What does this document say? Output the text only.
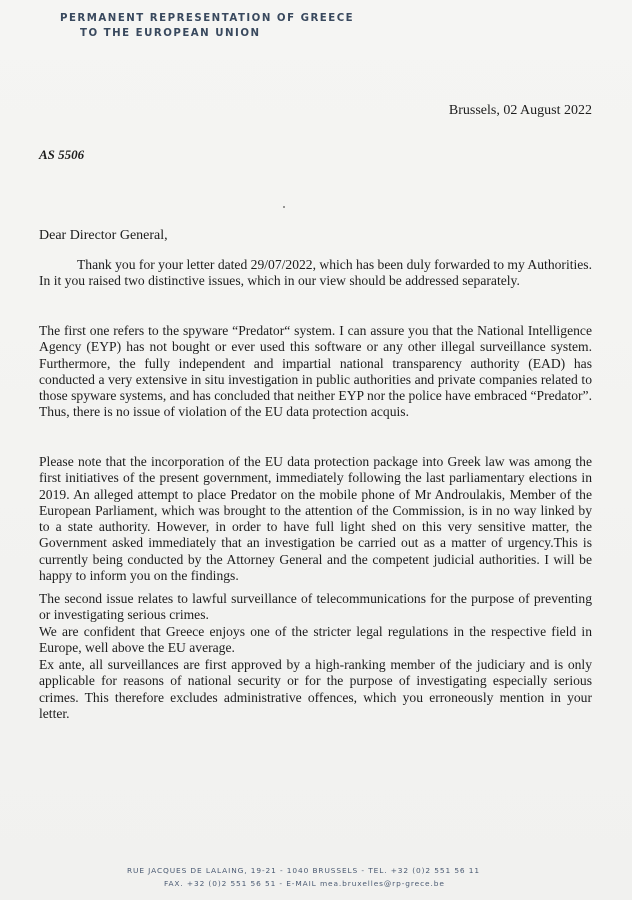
PERMANENT REPRESENTATION OF GREECE
TO THE EUROPEAN UNION
Brussels, 02 August 2022
AS 5506
Dear Director General,

Thank you for your letter dated 29/07/2022, which has been duly forwarded to my Authorities. In it you raised two distinctive issues, which in our view should be addressed separately.

The first one refers to the spyware “Predator“ system. I can assure you that the National Intelligence Agency (EYP) has not bought or ever used this software or any other illegal surveillance system. Furthermore, the fully independent and impartial national transparency authority (EAD) has conducted a very extensive in situ investigation in public authorities and private companies related to those spyware systems, and has concluded that neither EYP nor the police have embraced “Predator”. Thus, there is no issue of violation of the EU data protection acquis.

Please note that the incorporation of the EU data protection package into Greek law was among the first initiatives of the present government, immediately following the last parliamentary elections in 2019. An alleged attempt to place Predator on the mobile phone of Mr Androulakis, Member of the European Parliament, which was brought to the attention of the Commission, is in no way linked by to a state authority. However, in order to have full light shed on this very sensitive matter, the Government asked immediately that an investigation be carried out as a matter of urgency.This is currently being conducted by the Attorney General and the competent judicial authorities. I will be happy to inform you on the findings.

The second issue relates to lawful surveillance of telecommunications for the purpose of preventing or investigating serious crimes.

We are confident that Greece enjoys one of the stricter legal regulations in the respective field in Europe, well above the EU average.

Ex ante, all surveillances are first approved by a high-ranking member of the judiciary and is only applicable for reasons of national security or for the purpose of investigating especially serious crimes. This therefore excludes administrative offences, which you erroneously mention in your letter.

RUE JACQUES DE LALAING, 19-21 - 1040 BRUSSELS - TEL. +32 (0)2 551 56 11
FAX. +32 (0)2 551 56 51 - E-MAIL mea.bruxelles@rp-grece.be
